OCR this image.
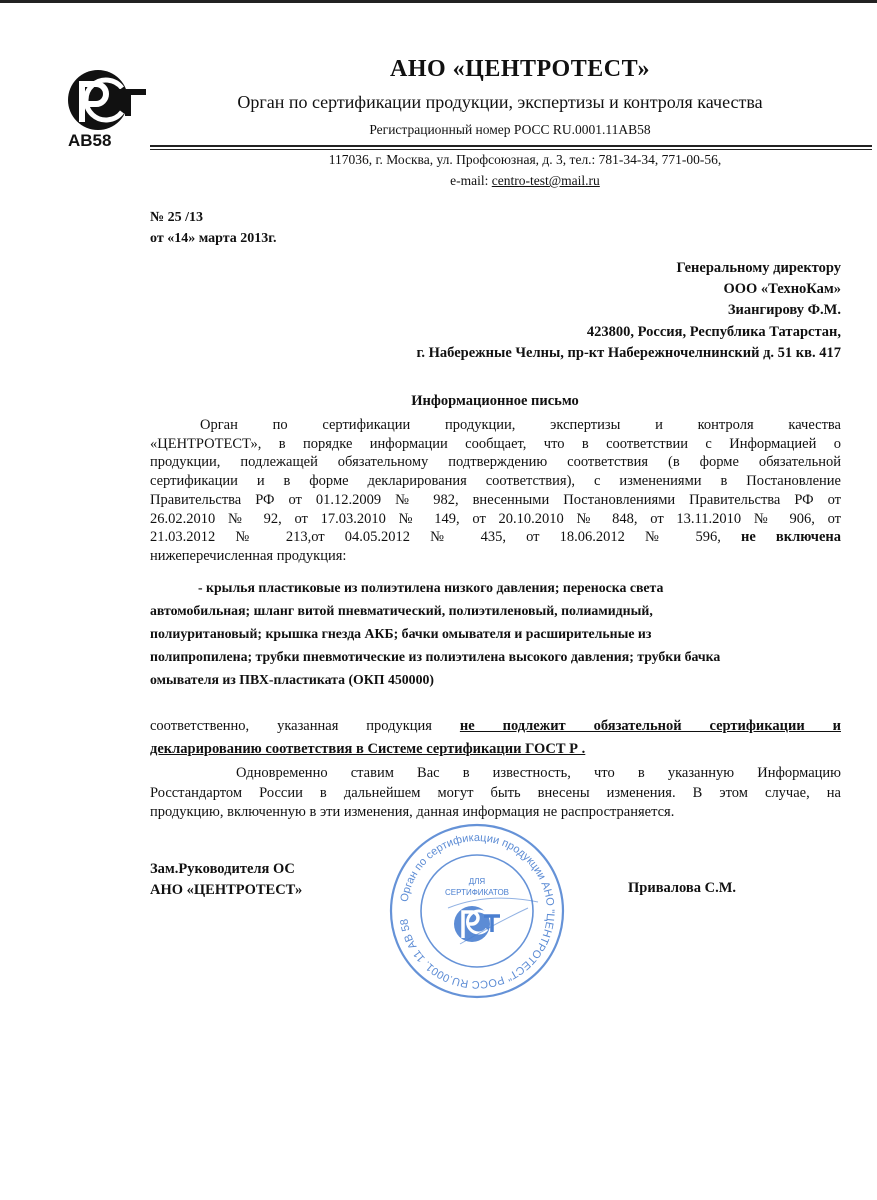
АВ58
АНО «ЦЕНТРОТЕСТ»
Орган по сертификации продукции, экспертизы и контроля качества
Регистрационный номер РОСС RU.0001.11АВ58
117036, г. Москва, ул. Профсоюзная, д. 3, тел.: 781-34-34, 771-00-56,
e-mail: centro-test@mail.ru
№ 25 /13
от «14» марта 2013г.
Генеральному директору
ООО «ТехноКам»
Зиангирову Ф.М.
423800, Россия, Республика Татарстан,
г. Набережные Челны, пр-кт Набережночелнинский д. 51 кв. 417
Информационное письмо
Орган по сертификации продукции, экспертизы и контроля качества
«ЦЕНТРОТЕСТ», в порядке информации сообщает, что в соответствии с Информацией о
продукции, подлежащей обязательному подтверждению соответствия (в форме обязательной
сертификации и в форме декларирования соответствия), с изменениями в Постановление
Правительства РФ от 01.12.2009 № 982, внесенными Постановлениями Правительства РФ от
26.02.2010 № 92, от 17.03.2010 № 149, от 20.10.2010 № 848, от 13.11.2010 № 906, от
21.03.2012 № 213,от 04.05.2012 № 435, от 18.06.2012 № 596, не включена
нижеперечисленная продукция:
- крылья пластиковые из полиэтилена низкого давления; переноска света
автомобильная; шланг витой пневматический, полиэтиленовый, полиамидный,
полиуритановый; крышка гнезда АКБ; бачки омывателя и расширительные из
полипропилена; трубки пневмотические из полиэтилена высокого давления; трубки бачка
омывателя из ПВХ-пластиката (ОКП 450000)
соответственно, указанная продукция не подлежит обязательной сертификации и
декларированию соответствия в Системе сертификации ГОСТ Р .
Одновременно ставим Вас в известность, что в указанную Информацию
Росстандартом России в дальнейшем могут быть внесены изменения. В этом случае, на
продукцию, включенную в эти изменения, данная информация не распространяется.
Зам.Руководителя ОС
АНО «ЦЕНТРОТЕСТ»	Привалова С.М.
Орган по сертификации продукции АНО "ЦЕНТРОТЕСТ" РОСС RU.0001. 11 АВ 58
ДЛЯ
СЕРТИФИКАТОВ
